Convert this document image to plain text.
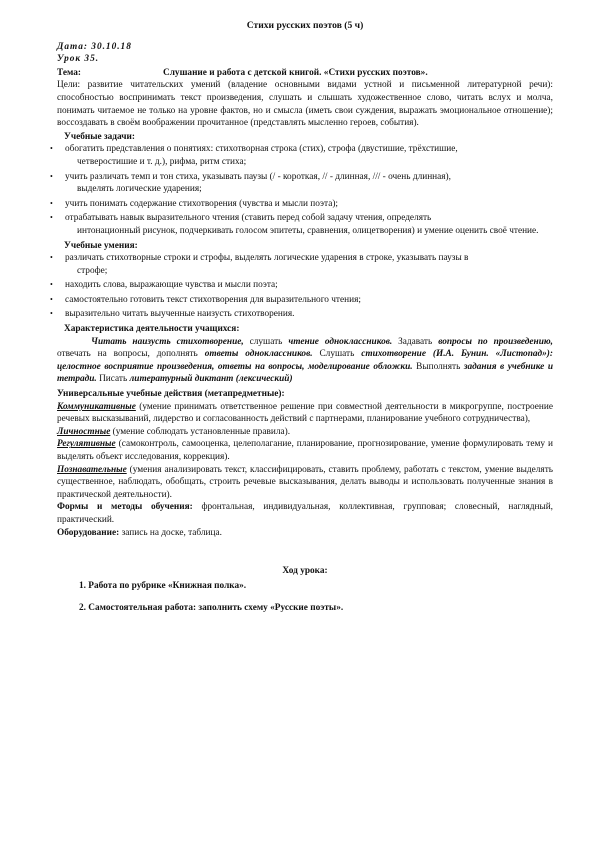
Стихи русских поэтов (5 ч)
Дата: 30.10.18
Урок 35.
Тема:	Слушание и работа с детской книгой. «Стихи русских поэтов».

Цели: развитие читательских умений (владение основными видами устной и письменной литературной речи): способностью воспринимать текст произведения, слушать и слышать художественное слово, читать вслух и молча, понимать читаемое не только на уровне фактов, но и смысла (иметь свои суждения, выражать эмоциональное отношение); воссоздавать в своём воображении прочитанное (представлять мысленно героев, события).

Учебные задачи:
• обогатить представления о понятиях: стихотворная строка (стих), строфа (двустишие, трёхстишие,
четверостишие и т. д.), рифма, ритм стиха;
• учить различать темп и тон стиха, указывать паузы (/ - короткая, // - длинная, /// - очень длинная),
выделять логические ударения;
• учить понимать содержание стихотворения (чувства и мысли поэта);
• отрабатывать навык выразительного чтения (ставить перед собой задачу чтения, определять
интонационный рисунок, подчеркивать голосом эпитеты, сравнения, олицетворения) и умение оценить своё чтение.
Учебные умения:
• различать стихотворные строки и строфы, выделять логические ударения в строке, указывать паузы в
строфе;
• находить слова, выражающие чувства и мысли поэта;
• самостоятельно готовить текст стихотворения для выразительного чтения;
• выразительно читать выученные наизусть стихотворения.
Характеристика деятельности учащихся:

Читать наизусть стихотворение, слушать чтение одноклассников. Задавать вопросы по произведению, отвечать на вопросы, дополнять ответы одноклассников. Слушать стихотворение (И.А. Бунин. «Листопад»): целостное восприятие произведения, ответы на вопросы, моделирование обложки. Выполнять задания в учебнике и тетради. Писать литературный диктант (лексический)

Универсальные учебные действия (метапредметные):

Коммуникативные (умение принимать ответственное решение при совместной деятельности в микрогруппе, построение речевых высказываний, лидерство и согласованность действий с партнерами, планирование учебного сотрудничества),

Личностные (умение соблюдать установленные правила).

Регулятивные (самоконтроль, самооценка, целеполагание, планирование, прогнозирование, умение формулировать тему и выделять объект исследования, коррекция).

Познавательные (умения анализировать текст, классифицировать, ставить проблему, работать с текстом, умение выделять существенное, наблюдать, обобщать, строить речевые высказывания, делать выводы и использовать полученные знания в практической деятельности).

Формы и методы обучения: фронтальная, индивидуальная, коллективная, групповая; словесный, наглядный, практический.

Оборудование: запись на доске, таблица.

Ход урока:
1. Работа по рубрике «Книжная полка».
2. Самостоятельная работа: заполнить схему «Русские поэты».
